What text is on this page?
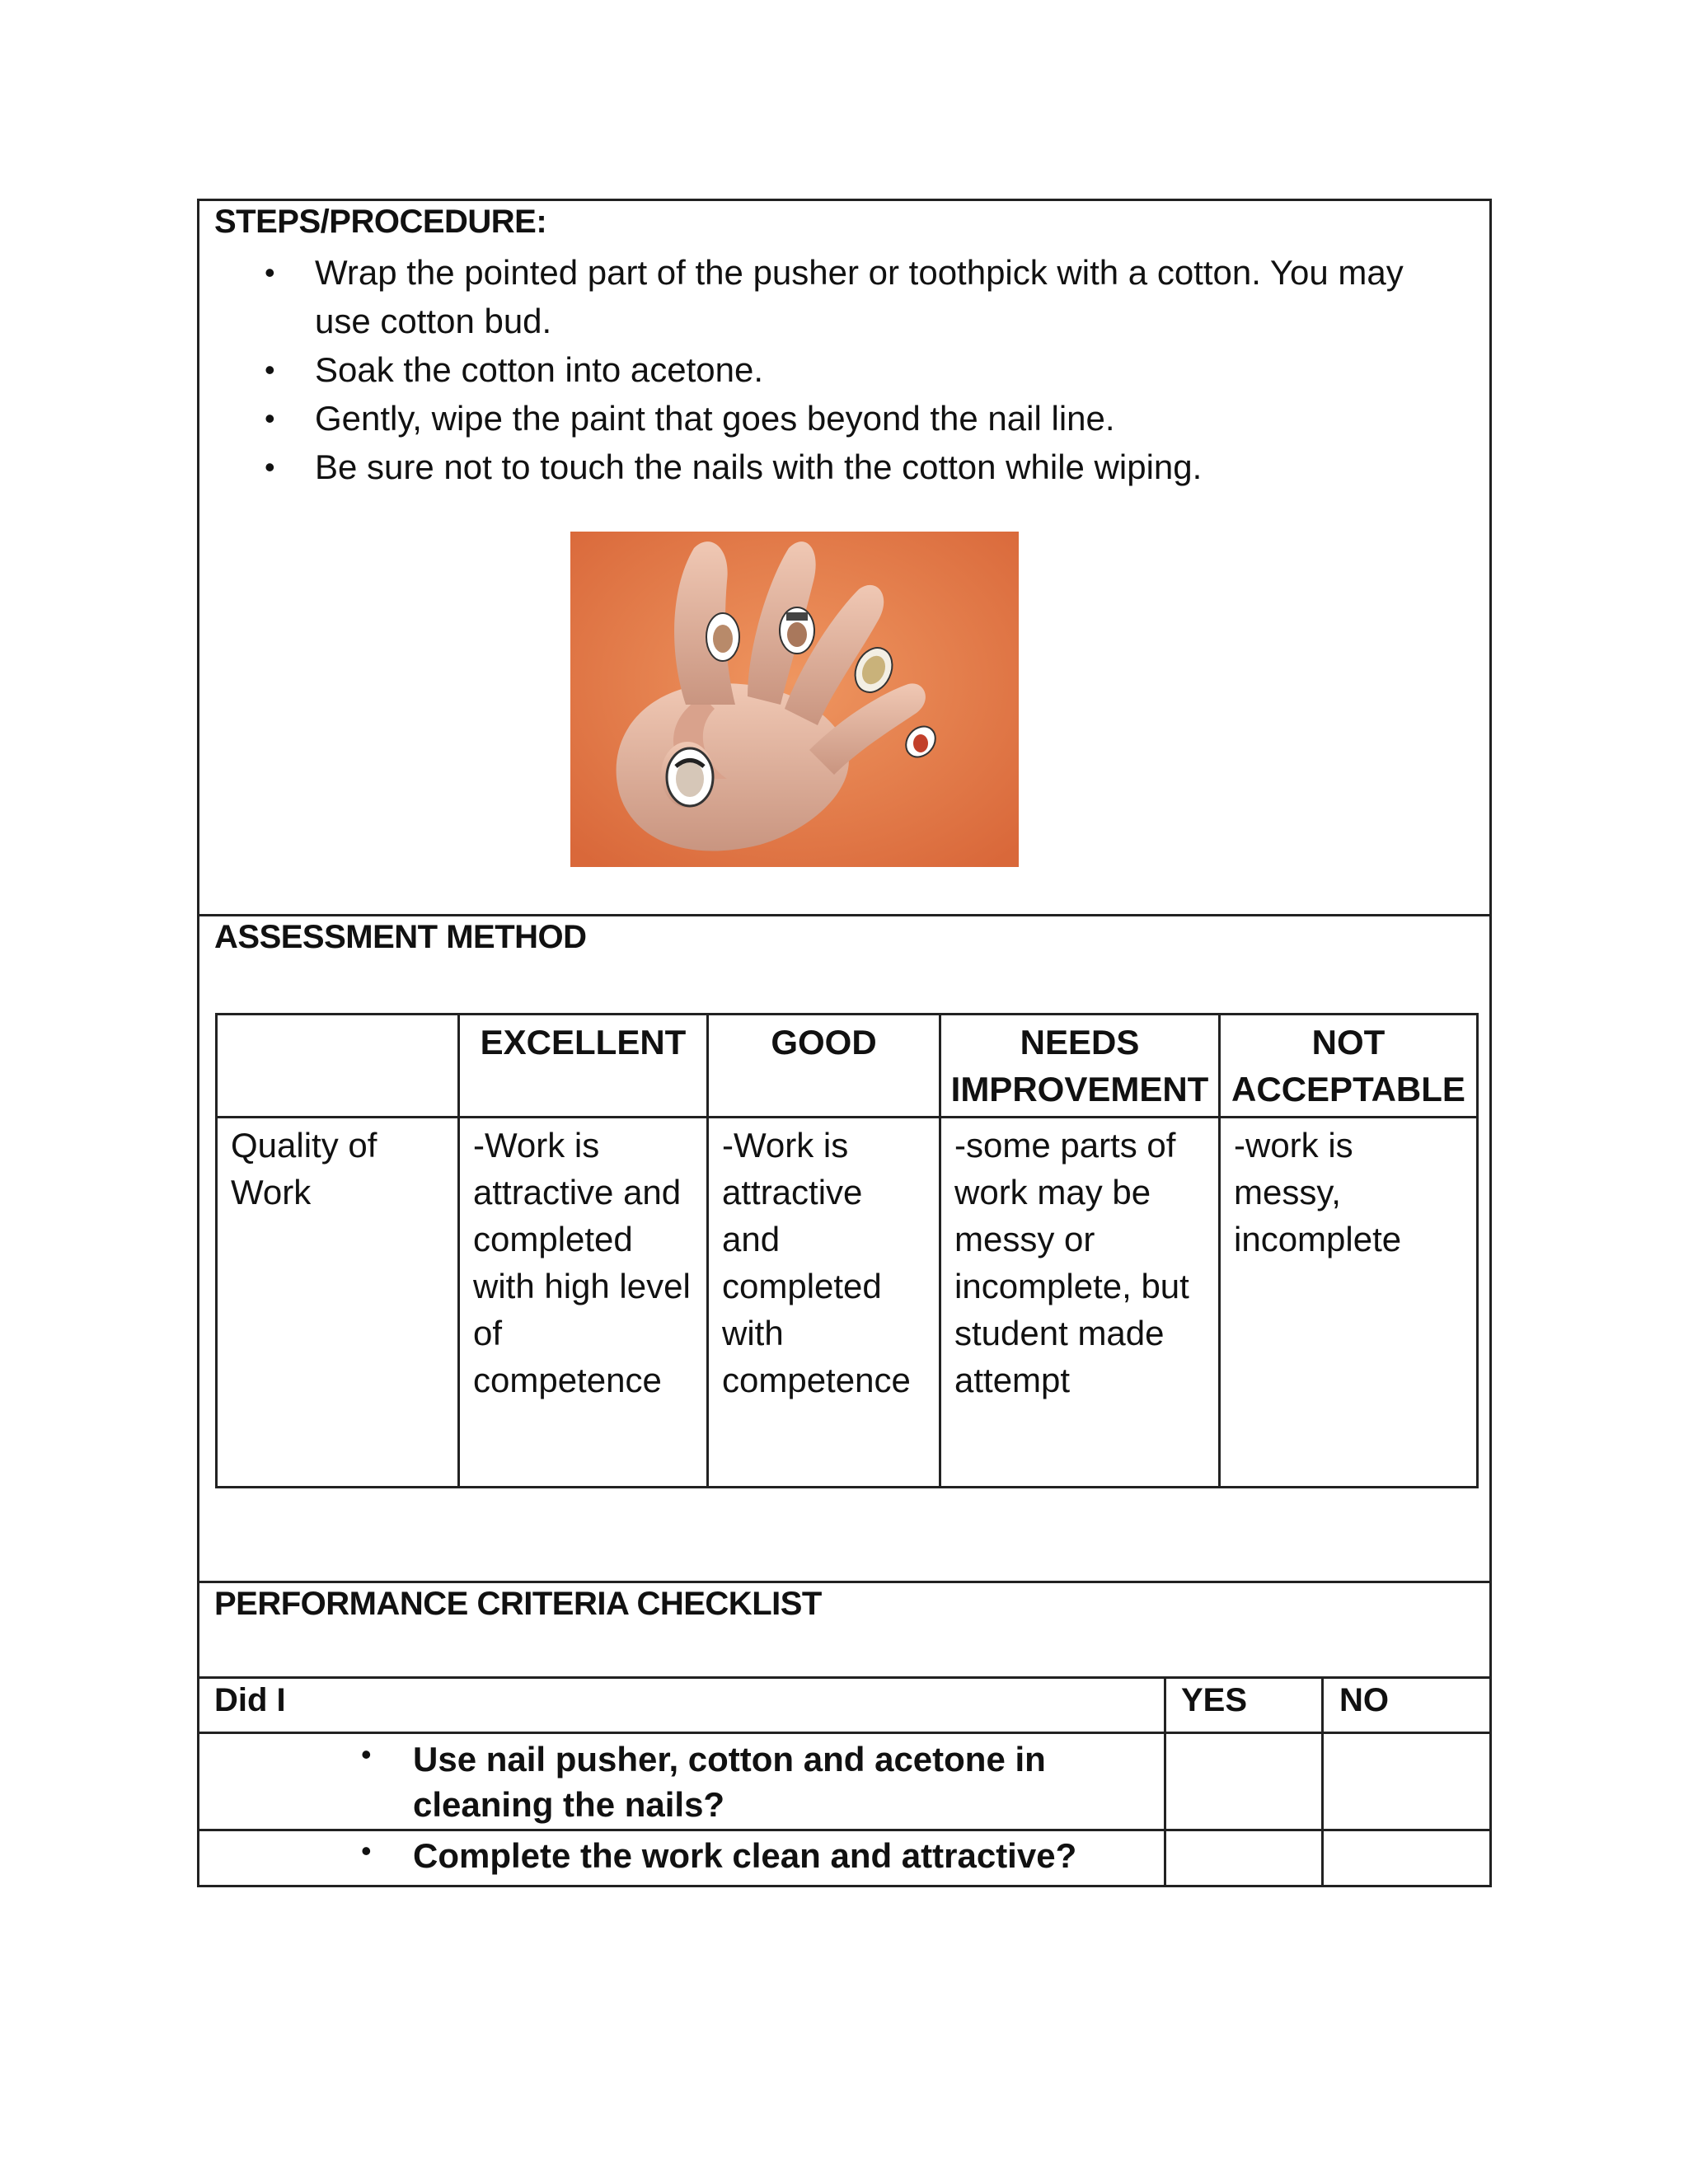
STEPS/PROCEDURE:
• Wrap the pointed part of the pusher or toothpick with a cotton. You may use cotton bud.
• Soak the cotton into acetone.
• Gently, wipe the paint that goes beyond the nail line.
• Be sure not to touch the nails with the cotton while wiping.
ASSESSMENT METHOD
	EXCELLENT	GOOD	NEEDS IMPROVEMENT	NOT ACCEPTABLE
Quality of Work	-Work is attractive and completed with high level of competence	-Work is attractive and completed with competence	-some parts of work may be messy or incomplete, but student made attempt	-work is messy, incomplete
PERFORMANCE CRITERIA CHECKLIST
Did I	YES	NO
• Use nail pusher, cotton and acetone in cleaning the nails?
• Complete the work clean and attractive?
